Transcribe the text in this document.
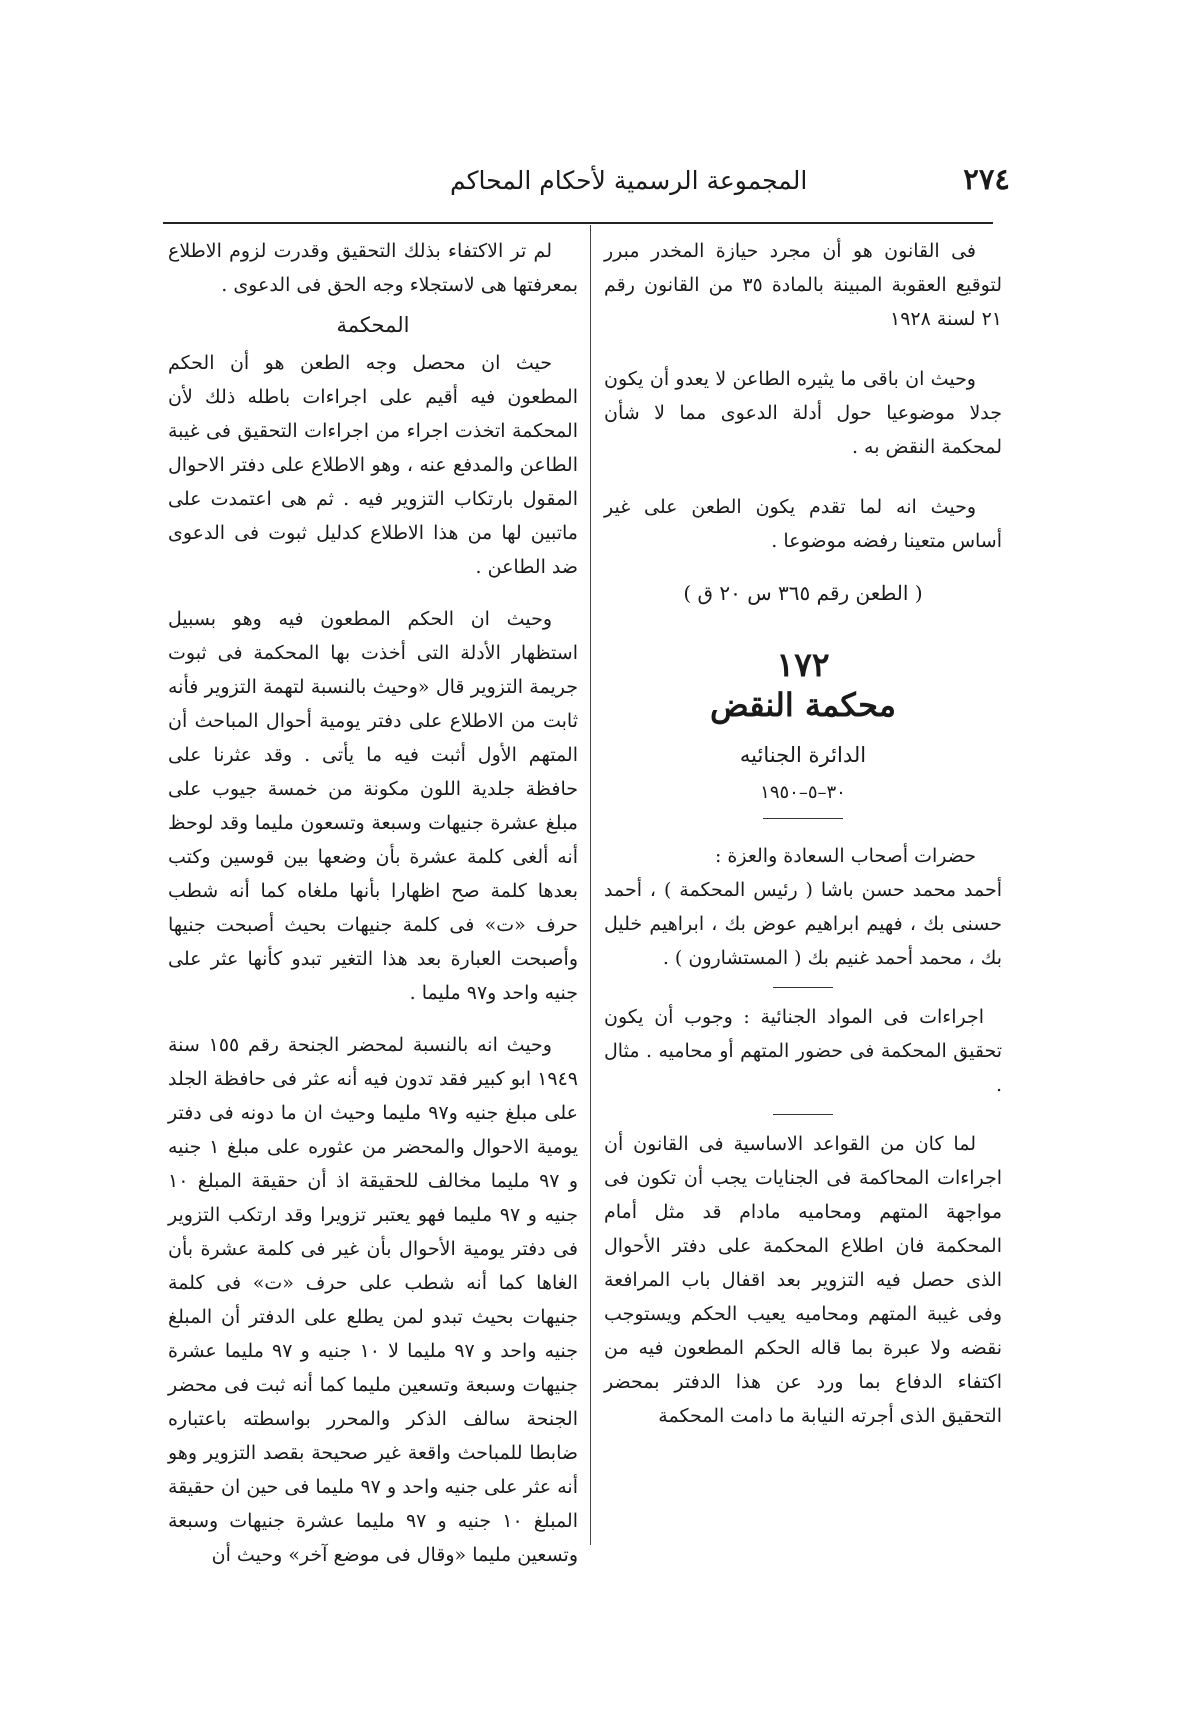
٢٧٤
المجموعة الرسمية لأحكام المحاكم

فى القانون هو أن مجرد حيازة المخدر مبرر لتوقيع العقوبة المبينة بالمادة ٣٥ من القانون رقم ٢١ لسنة ١٩٢٨

وحيث ان باقى ما يثيره الطاعن لا يعدو أن يكون جدلا موضوعيا حول أدلة الدعوى مما لا شأن لمحكمة النقض به .

وحيث انه لما تقدم يكون الطعن على غير أساس متعينا رفضه موضوعا .

( الطعن رقم ٣٦٥ س ٢٠ ق )

١٧٢

محكمة النقض

الدائرة الجنائيه

٣٠–٥–١٩٥٠

حضرات أصحاب السعادة والعزة :

أحمد محمد حسن باشا ( رئيس المحكمة ) ، أحمد حسنى بك ، فهيم ابراهيم عوض بك ، ابراهيم خليل بك ، محمد أحمد غنيم بك ( المستشارون ) .

اجراءات فى المواد الجنائية : وجوب أن يكون تحقيق المحكمة فى حضور المتهم أو محاميه . مثال .

لما كان من القواعد الاساسية فى القانون أن اجراءات المحاكمة فى الجنايات يجب أن تكون فى مواجهة المتهم ومحاميه مادام قد مثل أمام المحكمة فان اطلاع المحكمة على دفتر الأحوال الذى حصل فيه التزوير بعد اقفال باب المرافعة وفى غيبة المتهم ومحاميه يعيب الحكم ويستوجب نقضه ولا عبرة بما قاله الحكم المطعون فيه من اكتفاء الدفاع بما ورد عن هذا الدفتر بمحضر التحقيق الذى أجرته النيابة ما دامت المحكمة

لم تر الاكتفاء بذلك التحقيق وقدرت لزوم الاطلاع بمعرفتها هى لاستجلاء وجه الحق فى الدعوى .

المحكمة

حيث ان محصل وجه الطعن هو أن الحكم المطعون فيه أقيم على اجراءات باطله ذلك لأن المحكمة اتخذت اجراء من اجراءات التحقيق فى غيبة الطاعن والمدفع عنه ، وهو الاطلاع على دفتر الاحوال المقول بارتكاب التزوير فيه . ثم هى اعتمدت على ماتبين لها من هذا الاطلاع كدليل ثبوت فى الدعوى ضد الطاعن .

وحيث ان الحكم المطعون فيه وهو بسبيل استظهار الأدلة التى أخذت بها المحكمة فى ثبوت جريمة التزوير قال «وحيث بالنسبة لتهمة التزوير فأنه ثابت من الاطلاع على دفتر يومية أحوال المباحث أن المتهم الأول أثبت فيه ما يأتى . وقد عثرنا على حافظة جلدية اللون مكونة من خمسة جيوب على مبلغ عشرة جنيهات وسبعة وتسعون مليما وقد لوحظ أنه ألغى كلمة عشرة بأن وضعها بين قوسين وكتب بعدها كلمة صح اظهارا بأنها ملغاه كما أنه شطب حرف «ت» فى كلمة جنيهات بحيث أصبحت جنيها وأصبحت العبارة بعد هذا التغير تبدو كأنها عثر على جنيه واحد و٩٧ مليما .

وحيث انه بالنسبة لمحضر الجنحة رقم ١٥٥ سنة ١٩٤٩ ابو كبير فقد تدون فيه أنه عثر فى حافظة الجلد على مبلغ جنيه و٩٧ مليما وحيث ان ما دونه فى دفتر يومية الاحوال والمحضر من عثوره على مبلغ ١ جنيه و ٩٧ مليما مخالف للحقيقة اذ أن حقيقة المبلغ ١٠ جنيه و ٩٧ مليما فهو يعتبر تزويرا وقد ارتكب التزوير فى دفتر يومية الأحوال بأن غير فى كلمة عشرة بأن الغاها كما أنه شطب على حرف «ت» فى كلمة جنيهات بحيث تبدو لمن يطلع على الدفتر أن المبلغ جنيه واحد و ٩٧ مليما لا ١٠ جنيه و ٩٧ مليما عشرة جنيهات وسبعة وتسعين مليما كما أنه ثبت فى محضر الجنحة سالف الذكر والمحرر بواسطته باعتباره ضابطا للمباحث واقعة غير صحيحة بقصد التزوير وهو أنه عثر على جنيه واحد و ٩٧ مليما فى حين ان حقيقة المبلغ ١٠ جنيه و ٩٧ مليما عشرة جنيهات وسبعة وتسعين مليما «وقال فى موضع آخر» وحيث أن
